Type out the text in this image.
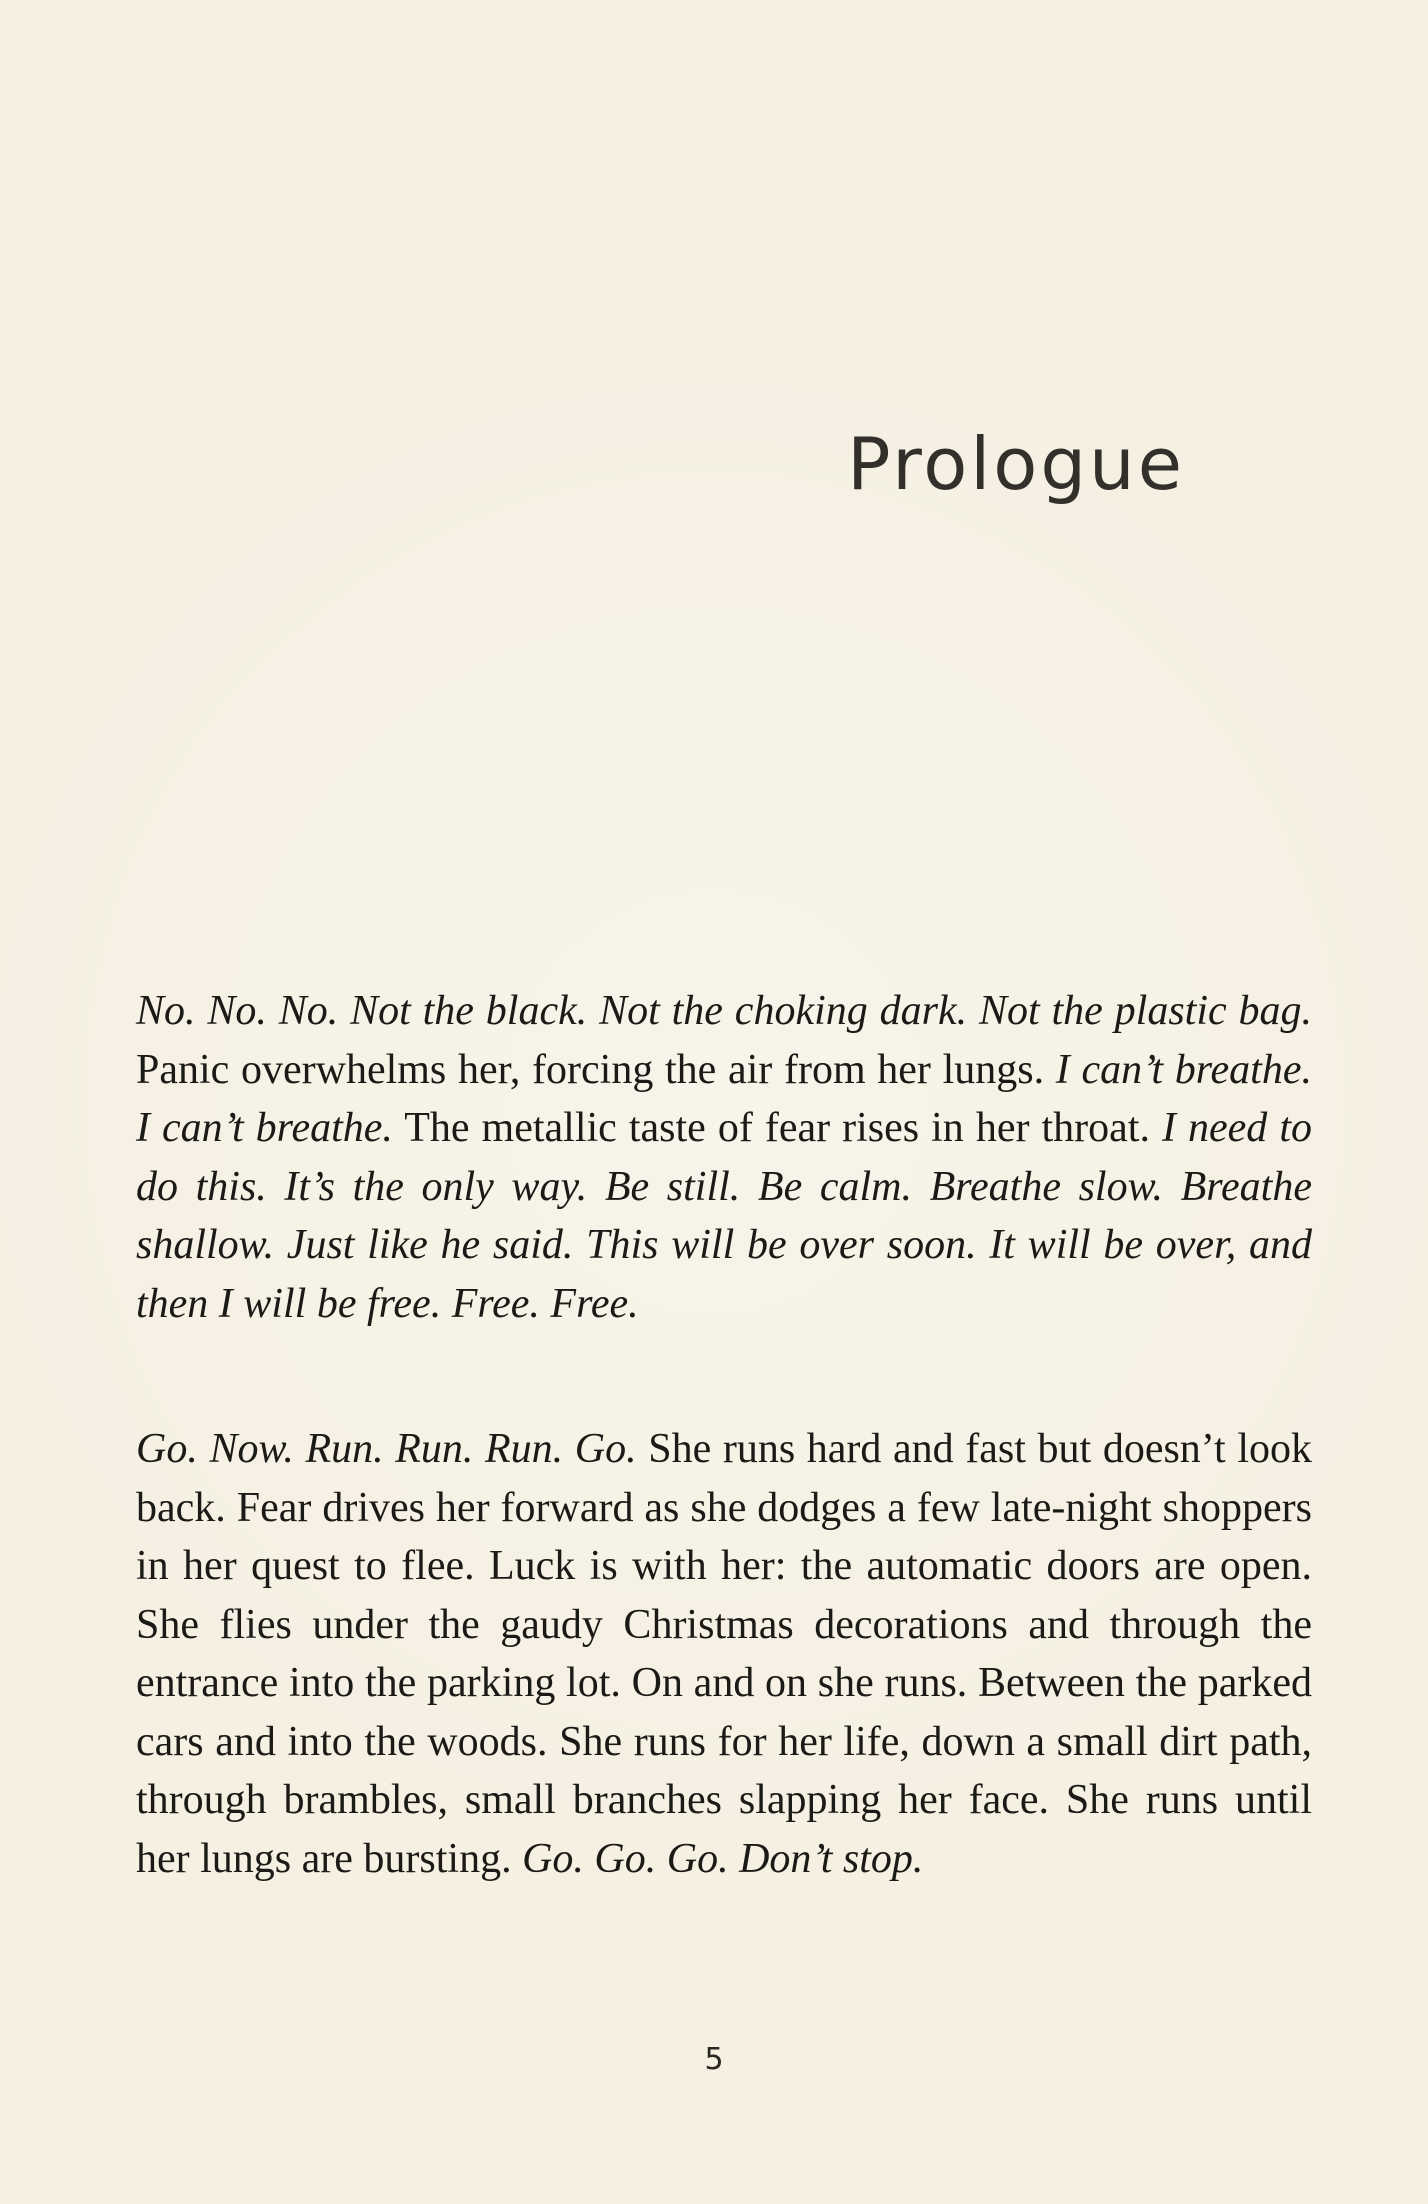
Prologue

No. No. No. Not the black. Not the choking dark. Not the plastic bag. Panic overwhelms her, forcing the air from her lungs. I can’t breathe. I can’t breathe. The metallic taste of fear rises in her throat. I need to do this. It’s the only way. Be still. Be calm. Breathe slow. Breathe shallow. Just like he said. This will be over soon. It will be over, and then I will be free. Free. Free.

Go. Now. Run. Run. Run. Go. She runs hard and fast but doesn’t look back. Fear drives her forward as she dodges a few late-night shoppers in her quest to flee. Luck is with her: the automatic doors are open. She flies under the gaudy Christmas decorations and through the entrance into the parking lot. On and on she runs. Between the parked cars and into the woods. She runs for her life, down a small dirt path, through brambles, small branches slapping her face. She runs until her lungs are bursting. Go. Go. Go. Don’t stop.

5
